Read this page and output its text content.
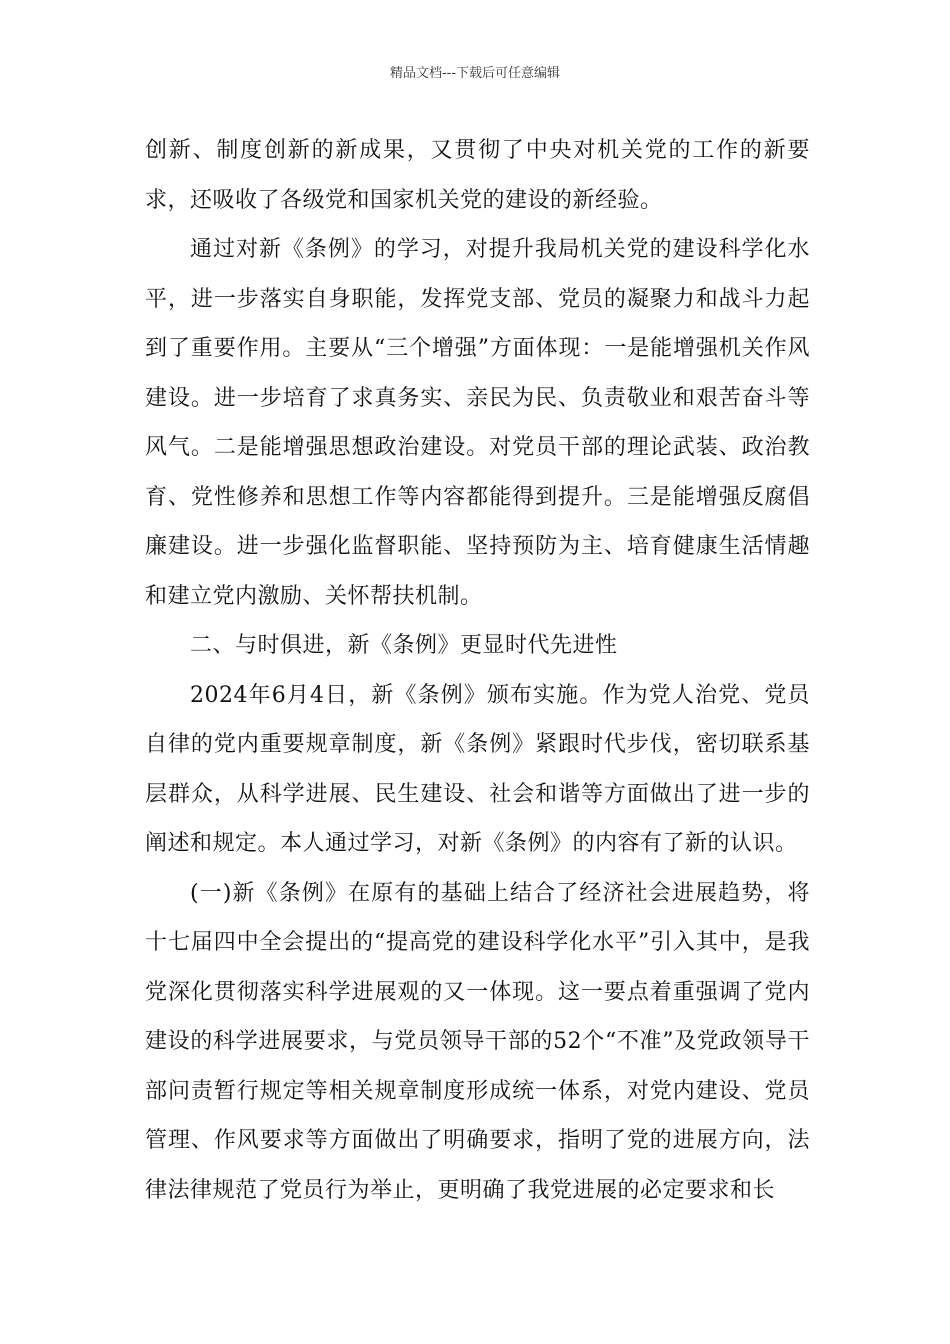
精品文档---下载后可任意编辑

创新、制度创新的新成果，又贯彻了中央对机关党的工作的新要求，还吸收了各级党和国家机关党的建设的新经验。

通过对新《条例》的学习，对提升我局机关党的建设科学化水平，进一步落实自身职能，发挥党支部、党员的凝聚力和战斗力起到了重要作用。主要从“三个增强”方面体现：一是能增强机关作风建设。进一步培育了求真务实、亲民为民、负责敬业和艰苦奋斗等风气。二是能增强思想政治建设。对党员干部的理论武装、政治教育、党性修养和思想工作等内容都能得到提升。三是能增强反腐倡廉建设。进一步强化监督职能、坚持预防为主、培育健康生活情趣和建立党内激励、关怀帮扶机制。

二、与时俱进，新《条例》更显时代先进性

2024年6月4日，新《条例》颁布实施。作为党人治党、党员自律的党内重要规章制度，新《条例》紧跟时代步伐，密切联系基层群众，从科学进展、民生建设、社会和谐等方面做出了进一步的阐述和规定。本人通过学习，对新《条例》的内容有了新的认识。

(一)新《条例》在原有的基础上结合了经济社会进展趋势，将十七届四中全会提出的“提高党的建设科学化水平”引入其中，是我党深化贯彻落实科学进展观的又一体现。这一要点着重强调了党内建设的科学进展要求，与党员领导干部的52个“不准”及党政领导干部问责暂行规定等相关规章制度形成统一体系，对党内建设、党员管理、作风要求等方面做出了明确要求，指明了党的进展方向，法律法律规范了党员行为举止，更明确了我党进展的必定要求和长
